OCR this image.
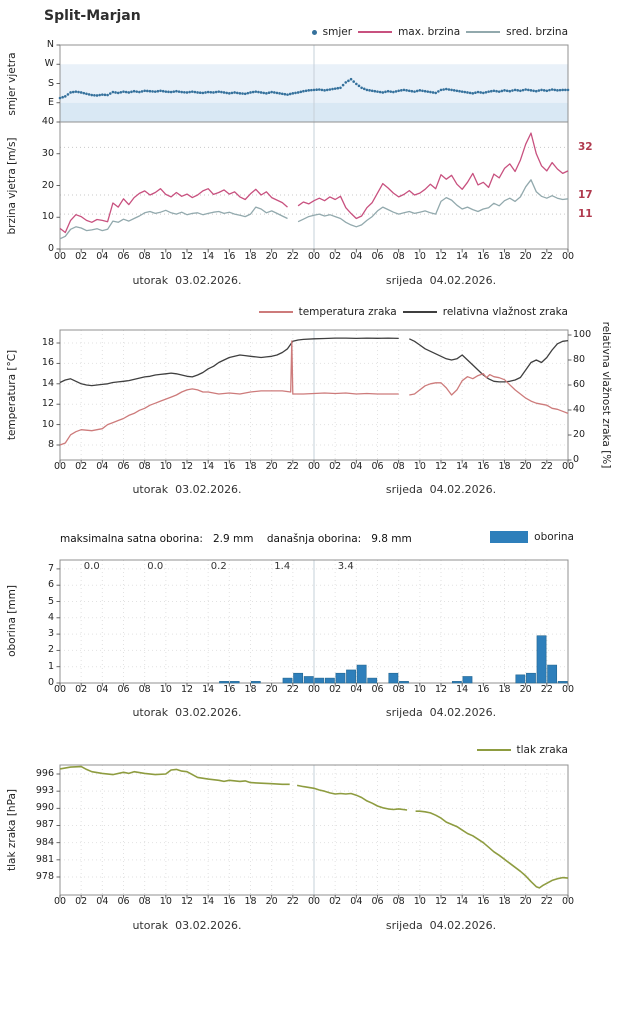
Split-Marjan
smjer	max. brzina	sred. brzina
temperatura zraka	relativna vlažnost zraka
maksimalna satna oborina: 2.9 mm današnja oborina: 9.8 mm	oborina
tlak zraka
smjer vjetra
brzina vjetra [m/s]
temperatura [°C]	relativna vlažnost zraka [%]
oborina [mm]
tlak zraka [hPa]
N
W
S
E
40
30
20
10
0
32
17
11
00 02 04 06 08 10 12 14 16 18 20 22 00 02 04 06 08 10 12 14 16 18 20 22 00
utorak  03.02.2026.	srijeda  04.02.2026.
18
16
14
12
10
8
100
80
60
40
20
0
00 02 04 06 08 10 12 14 16 18 20 22 00 02 04 06 08 10 12 14 16 18 20 22 00
utorak  03.02.2026.	srijeda  04.02.2026.
7
6
5
4
3
2
1
0
0.0	0.0	0.2	1.4	3.4
00 02 04 06 08 10 12 14 16 18 20 22 00 02 04 06 08 10 12 14 16 18 20 22 00
utorak  03.02.2026.	srijeda  04.02.2026.
996
993
990
987
984
981
978
00 02 04 06 08 10 12 14 16 18 20 22 00 02 04 06 08 10 12 14 16 18 20 22 00
utorak  03.02.2026.	srijeda  04.02.2026.
